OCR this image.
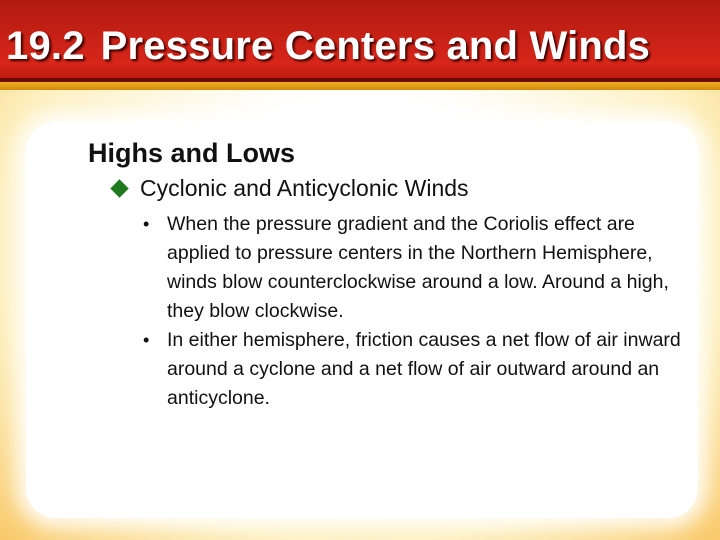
19.2 Pressure Centers and Winds
Highs and Lows

Cyclonic and Anticyclonic Winds

• When the pressure gradient and the Coriolis effect are applied to pressure centers in the Northern Hemisphere, winds blow counterclockwise around a low. Around a high, they blow clockwise.
• In either hemisphere, friction causes a net flow of air inward around a cyclone and a net flow of air outward around an anticyclone.
